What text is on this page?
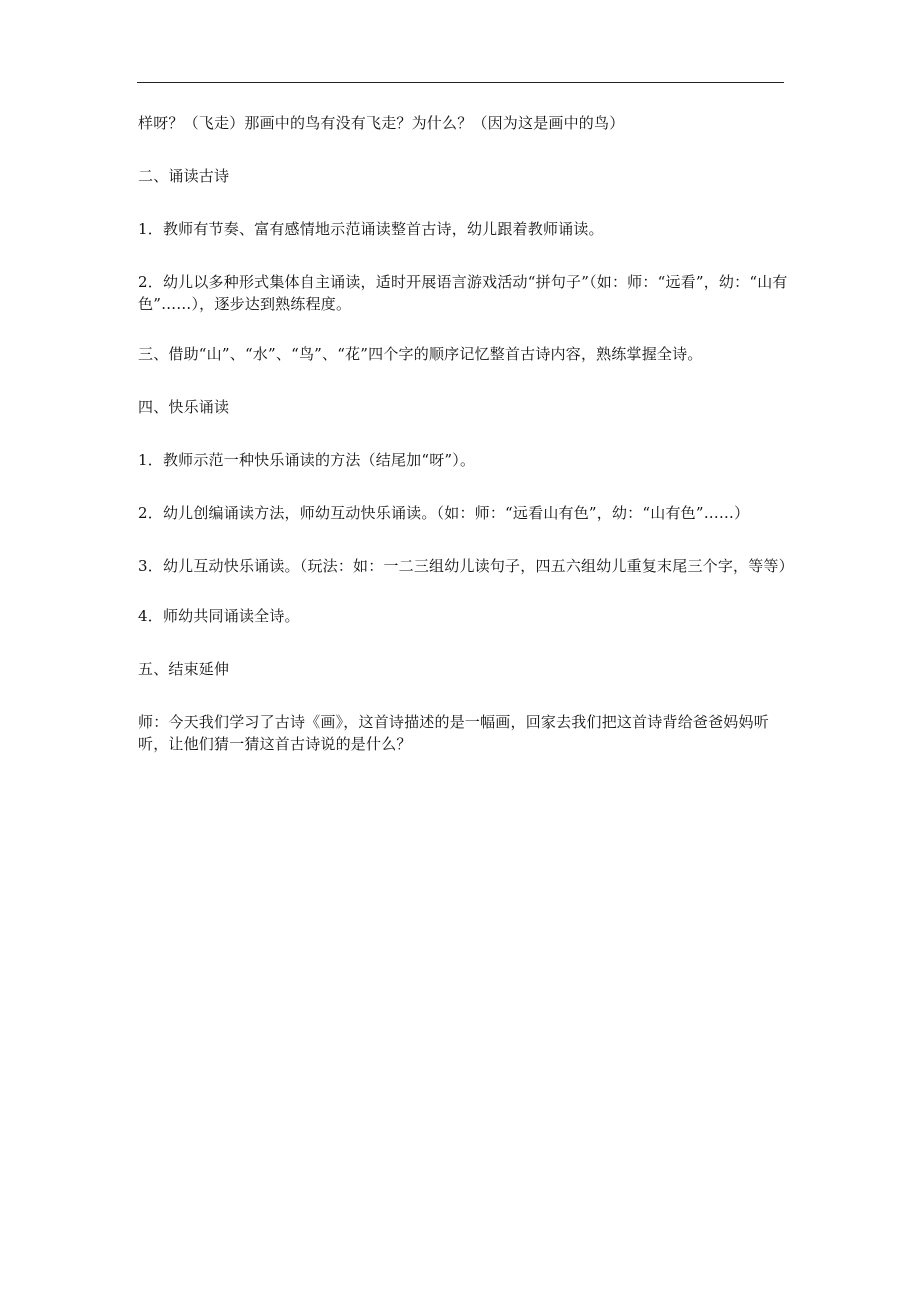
样呀？（飞走）那画中的鸟有没有飞走？为什么？（因为这是画中的鸟）

二、诵读古诗

1．教师有节奏、富有感情地示范诵读整首古诗，幼儿跟着教师诵读。

2．幼儿以多种形式集体自主诵读，适时开展语言游戏活动“拼句子”（如：师：“远看”，幼：“山有色”……），逐步达到熟练程度。

三、借助“山”、“水”、“鸟”、“花”四个字的顺序记忆整首古诗内容，熟练掌握全诗。

四、快乐诵读

1．教师示范一种快乐诵读的方法（结尾加“呀”）。

2．幼儿创编诵读方法，师幼互动快乐诵读。（如：师：“远看山有色”，幼：“山有色”……）

3．幼儿互动快乐诵读。（玩法：如：一二三组幼儿读句子，四五六组幼儿重复末尾三个字，等等）

4．师幼共同诵读全诗。

五、结束延伸

师：今天我们学习了古诗《画》，这首诗描述的是一幅画，回家去我们把这首诗背给爸爸妈妈听听，让他们猜一猜这首古诗说的是什么？
